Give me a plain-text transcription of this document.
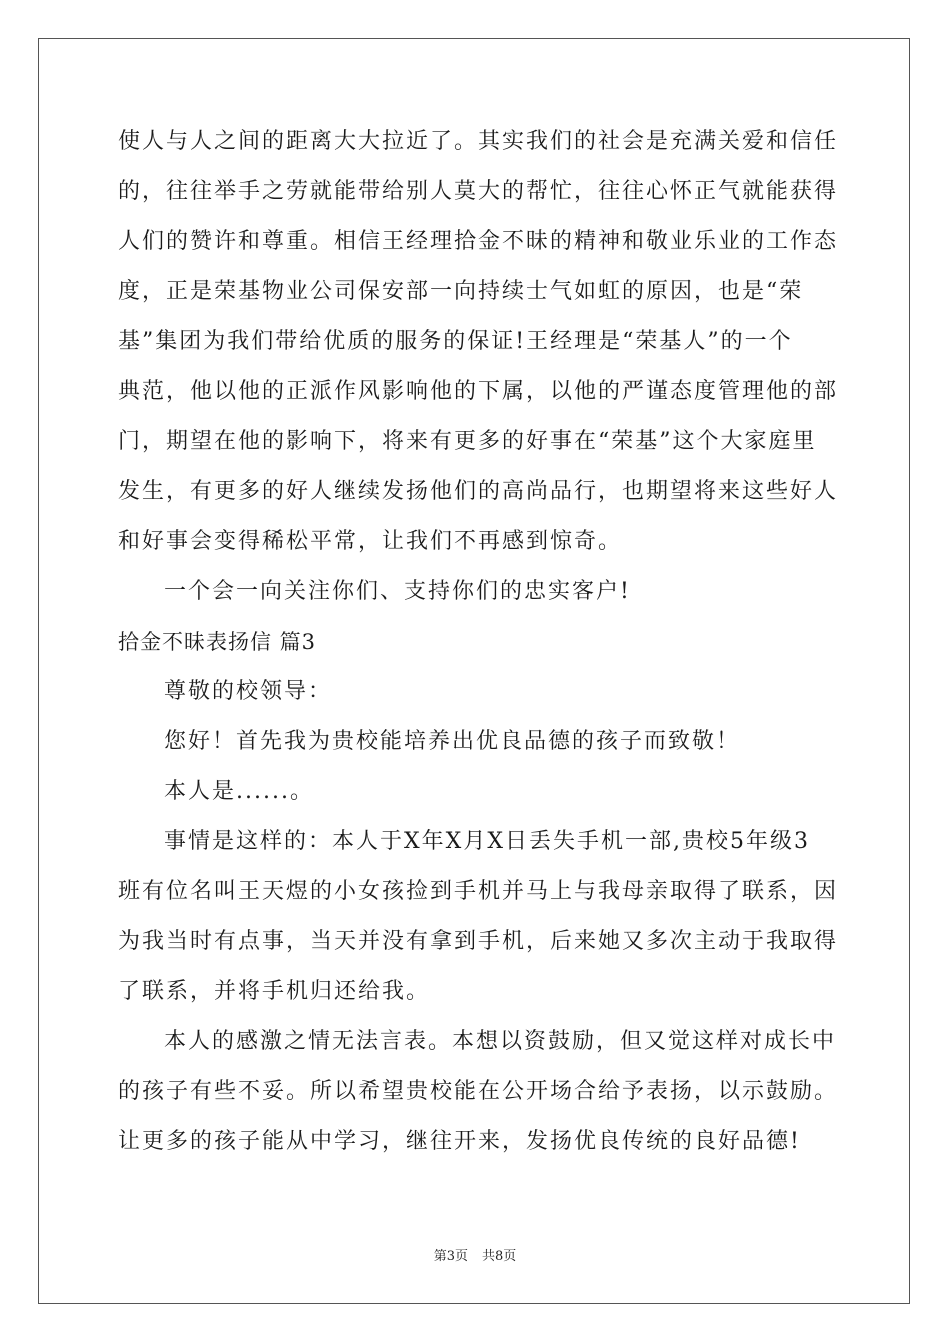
使人与人之间的距离大大拉近了。其实我们的社会是充满关爱和信任
的，往往举手之劳就能带给别人莫大的帮忙，往往心怀正气就能获得
人们的赞许和尊重。相信王经理拾金不昧的精神和敬业乐业的工作态
度，正是荣基物业公司保安部一向持续士气如虹的原因，也是“荣
基”集团为我们带给优质的服务的保证!王经理是“荣基人”的一个
典范，他以他的正派作风影响他的下属，以他的严谨态度管理他的部
门，期望在他的影响下，将来有更多的好事在“荣基”这个大家庭里
发生，有更多的好人继续发扬他们的高尚品行，也期望将来这些好人
和好事会变得稀松平常，让我们不再感到惊奇。
一个会一向关注你们、支持你们的忠实客户!
拾金不昧表扬信 篇3
尊敬的校领导：
您好！首先我为贵校能培养出优良品德的孩子而致敬！
本人是......。
事情是这样的：本人于X年X月X日丢失手机一部,贵校5年级3
班有位名叫王天煜的小女孩捡到手机并马上与我母亲取得了联系，因
为我当时有点事，当天并没有拿到手机，后来她又多次主动于我取得
了联系，并将手机归还给我。
本人的感激之情无法言表。本想以资鼓励，但又觉这样对成长中
的孩子有些不妥。所以希望贵校能在公开场合给予表扬，以示鼓励。
让更多的孩子能从中学习，继往开来，发扬优良传统的良好品德!
第3页 共8页
